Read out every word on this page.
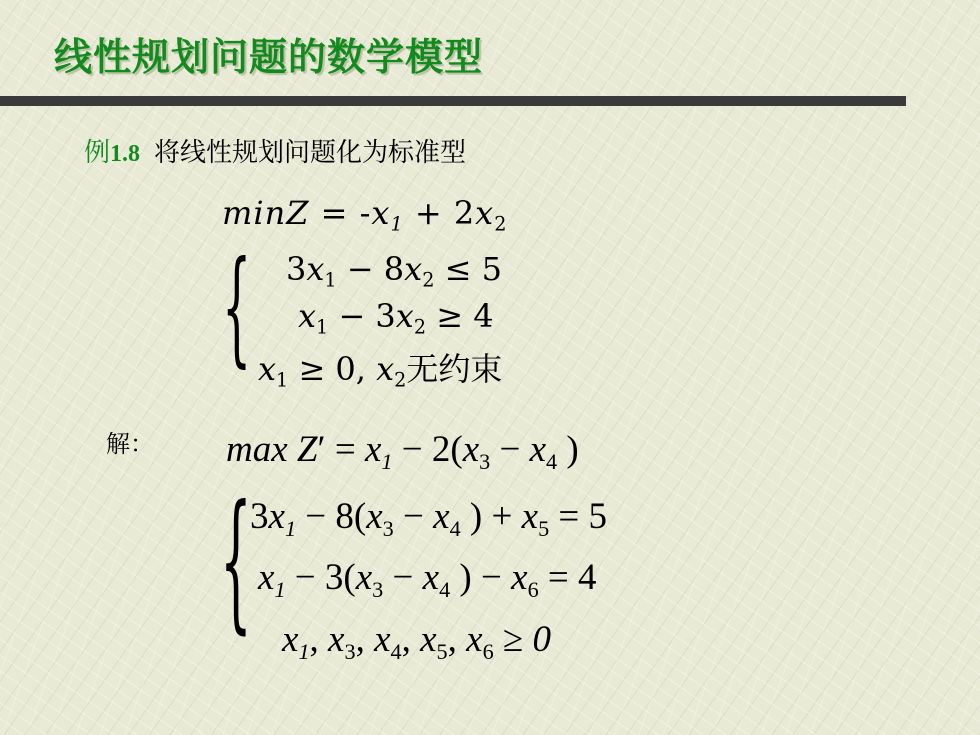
线性规划问题的数学模型
例1.8 将线性规划问题化为标准型
$\min Z = -x_1 + 2x_2$
{ $3x_1 - 8x_2 \le 5$
$x_1 - 3x_2 \ge 4$
$x_1 \ge 0$, $x_2$无约束
解： $\max Z' = x_1 - 2(x_3 - x_4$ )
{
$3x_1 - 8(x_3 - x_4$ ) + $x_5 = 5$
$x_1 - 3(x_3 - x_4$ ) − $x_6 = 4$
$x_1$, $x_3$, $x_4$, $x_5$, $x_6 \ge 0$
